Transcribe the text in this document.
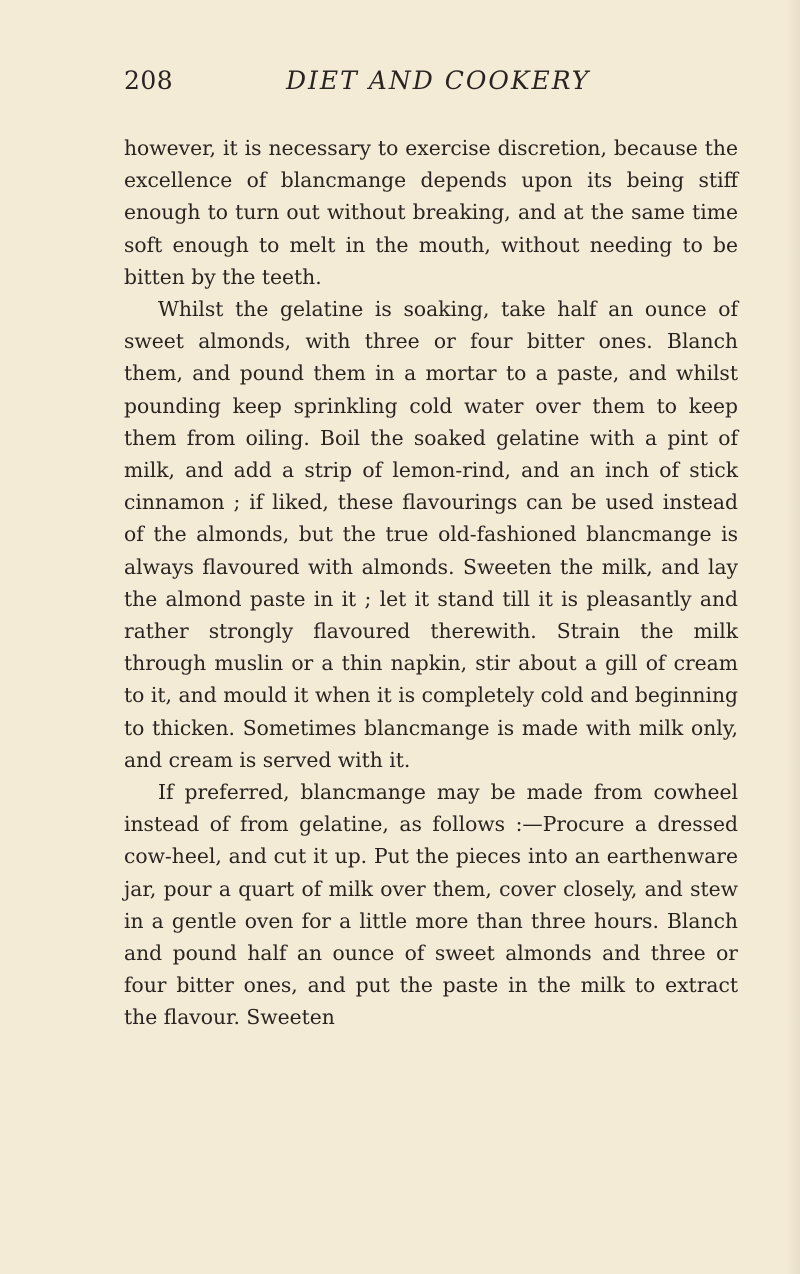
208	DIET AND COOKERY

however, it is necessary to exercise discretion, because the excellence of blancmange depends upon its being stiff enough to turn out without breaking, and at the same time soft enough to melt in the mouth, without needing to be bitten by the teeth.

Whilst the gelatine is soaking, take half an ounce of sweet almonds, with three or four bitter ones. Blanch them, and pound them in a mortar to a paste, and whilst pounding keep sprinkling cold water over them to keep them from oiling. Boil the soaked gelatine with a pint of milk, and add a strip of lemon-rind, and an inch of stick cinnamon ; if liked, these flavourings can be used instead of the almonds, but the true old-fashioned blancmange is always flavoured with almonds. Sweeten the milk, and lay the almond paste in it ; let it stand till it is pleasantly and rather strongly flavoured therewith. Strain the milk through muslin or a thin napkin, stir about a gill of cream to it, and mould it when it is completely cold and beginning to thicken. Sometimes blancmange is made with milk only, and cream is served with it.

If preferred, blancmange may be made from cowheel instead of from gelatine, as follows :—Procure a dressed cow-heel, and cut it up. Put the pieces into an earthenware jar, pour a quart of milk over them, cover closely, and stew in a gentle oven for a little more than three hours. Blanch and pound half an ounce of sweet almonds and three or four bitter ones, and put the paste in the milk to extract the flavour. Sweeten
